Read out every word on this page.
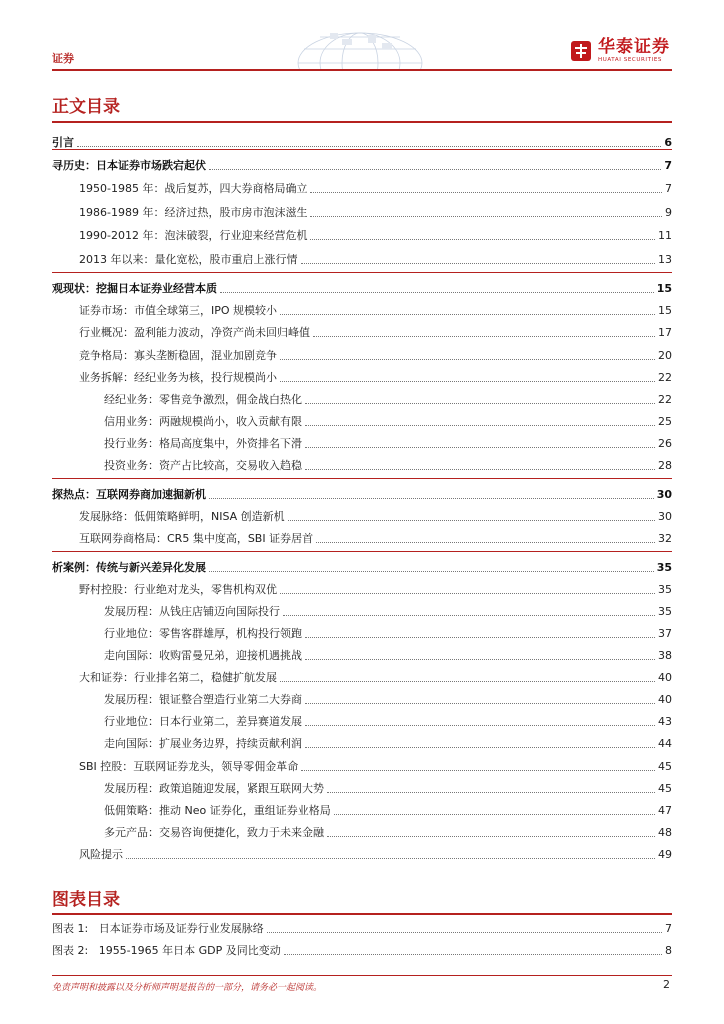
证券
华泰证券
HUATAI SECURITIES
正文目录
引言	6
寻历史：日本证券市场跌宕起伏	7
1950-1985 年：战后复苏，四大券商格局确立	7
1986-1989 年：经济过热，股市房市泡沫滋生	9
1990-2012 年：泡沫破裂，行业迎来经营危机	11
2013 年以来：量化宽松，股市重启上涨行情	13
观现状：挖掘日本证券业经营本质	15
证券市场：市值全球第三，IPO 规模较小	15
行业概况：盈利能力波动，净资产尚未回归峰值	17
竞争格局：寡头垄断稳固，混业加剧竞争	20
业务拆解：经纪业务为核，投行规模尚小	22
经纪业务：零售竞争激烈，佣金战白热化	22
信用业务：两融规模尚小，收入贡献有限	25
投行业务：格局高度集中，外资排名下滑	26
投资业务：资产占比较高，交易收入趋稳	28
探热点：互联网券商加速掘新机	30
发展脉络：低佣策略鲜明，NISA 创造新机	30
互联网券商格局：CR5 集中度高，SBI 证券居首	32
析案例：传统与新兴差异化发展	35
野村控股：行业绝对龙头，零售机构双优	35
发展历程：从钱庄店铺迈向国际投行	35
行业地位：零售客群雄厚，机构投行领跑	37
走向国际：收购雷曼兄弟，迎接机遇挑战	38
大和证券：行业排名第二，稳健扩航发展	40
发展历程：银证整合塑造行业第二大券商	40
行业地位：日本行业第二，差异赛道发展	43
走向国际：扩展业务边界，持续贡献利润	44
SBI 控股：互联网证券龙头，领导零佣金革命	45
发展历程：政策追随迎发展，紧跟互联网大势	45
低佣策略：推动 Neo 证券化，重组证券业格局	47
多元产品：交易咨询便捷化，致力于未来金融	48
风险提示	49
图表目录
图表 1:   日本证券市场及证券行业发展脉络	7
图表 2:   1955-1965 年日本 GDP 及同比变动	8
免责声明和披露以及分析师声明是报告的一部分，请务必一起阅读。	2
